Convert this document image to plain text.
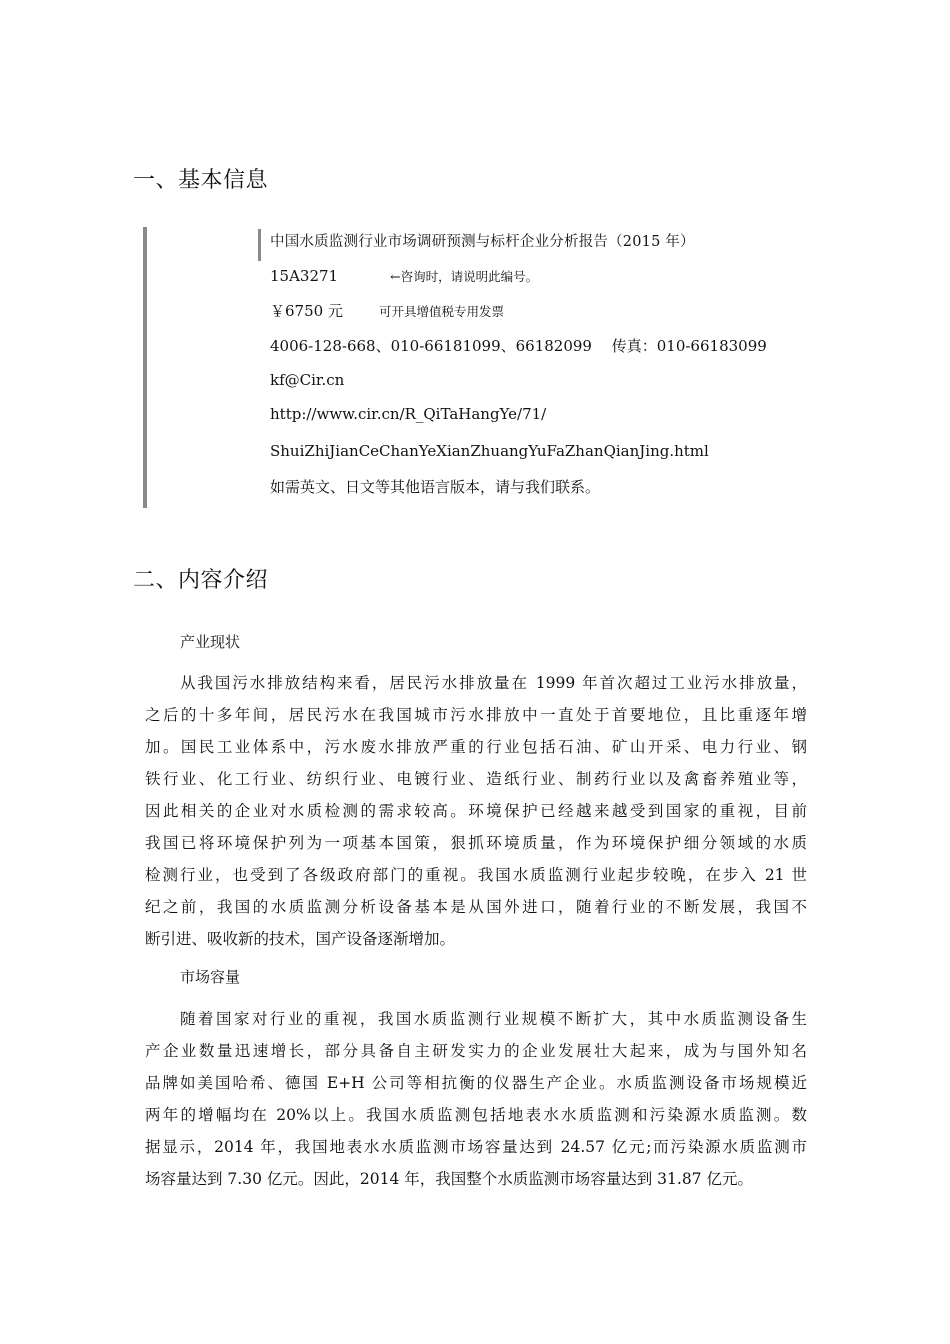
一、基本信息
中国水质监测行业市场调研预测与标杆企业分析报告（2015 年）
15A3271	←咨询时，请说明此编号。
￥6750 元	可开具增值税专用发票
4006-128-668、010-66181099、66182099　 传真：010-66183099
kf@Cir.cn
http://www.cir.cn/R_QiTaHangYe/71/
ShuiZhiJianCeChanYeXianZhuangYuFaZhanQianJing.html
如需英文、日文等其他语言版本，请与我们联系。
二、内容介绍
产业现状
从我国污水排放结构来看，居民污水排放量在 1999 年首次超过工业污水排放量，
之后的十多年间，居民污水在我国城市污水排放中一直处于首要地位，且比重逐年增
加。国民工业体系中，污水废水排放严重的行业包括石油、矿山开采、电力行业、钢
铁行业、化工行业、纺织行业、电镀行业、造纸行业、制药行业以及禽畜养殖业等，
因此相关的企业对水质检测的需求较高。环境保护已经越来越受到国家的重视，目前
我国已将环境保护列为一项基本国策，狠抓环境质量，作为环境保护细分领域的水质
检测行业，也受到了各级政府部门的重视。我国水质监测行业起步较晚，在步入 21 世
纪之前，我国的水质监测分析设备基本是从国外进口，随着行业的不断发展，我国不
断引进、吸收新的技术，国产设备逐渐增加。
市场容量
随着国家对行业的重视，我国水质监测行业规模不断扩大，其中水质监测设备生
产企业数量迅速增长，部分具备自主研发实力的企业发展壮大起来，成为与国外知名
品牌如美国哈希、德国 E+H 公司等相抗衡的仪器生产企业。水质监测设备市场规模近
两年的增幅均在 20%以上。我国水质监测包括地表水水质监测和污染源水质监测。数
据显示，2014 年，我国地表水水质监测市场容量达到 24.57 亿元;而污染源水质监测市
场容量达到 7.30 亿元。因此，2014 年，我国整个水质监测市场容量达到 31.87 亿元。
